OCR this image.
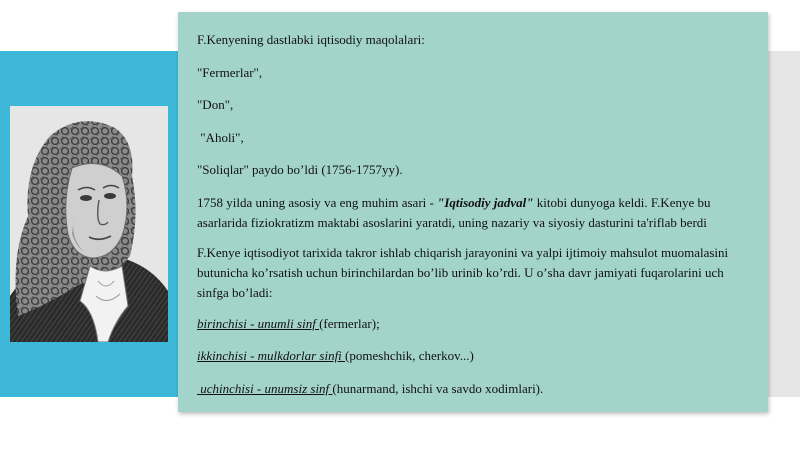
F.Kenyening dastlabki iqtisodiy maqolalari:

"Fermerlar",

"Don",

"Aholi",

"Soliqlar" paydo boʼldi (1756-1757yy).

1758 yilda uning asosiy va eng muhim asari - "Iqtisodiy jadval" kitobi dunyoga keldi. F.Kenye bu asarlarida fiziokratizm maktabi asoslarini yaratdi, uning nazariy va siyosiy dasturini ta'riflab berdi

F.Kenye iqtisodiyot tarixida takror ishlab chiqarish jarayonini va yalpi ijtimoiy mahsulot muomalasini butunicha koʼrsatish uchun birinchilardan boʼlib urinib koʼrdi. U oʼsha davr jamiyati fuqarolarini uch sinfga boʼladi:

birinchisi - unumli sinf (fermerlar);

ikkinchisi - mulkdorlar sinfi (pomeshchik, cherkov...)

uchinchisi - unumsiz sinf (hunarmand, ishchi va savdo xodimlari).
